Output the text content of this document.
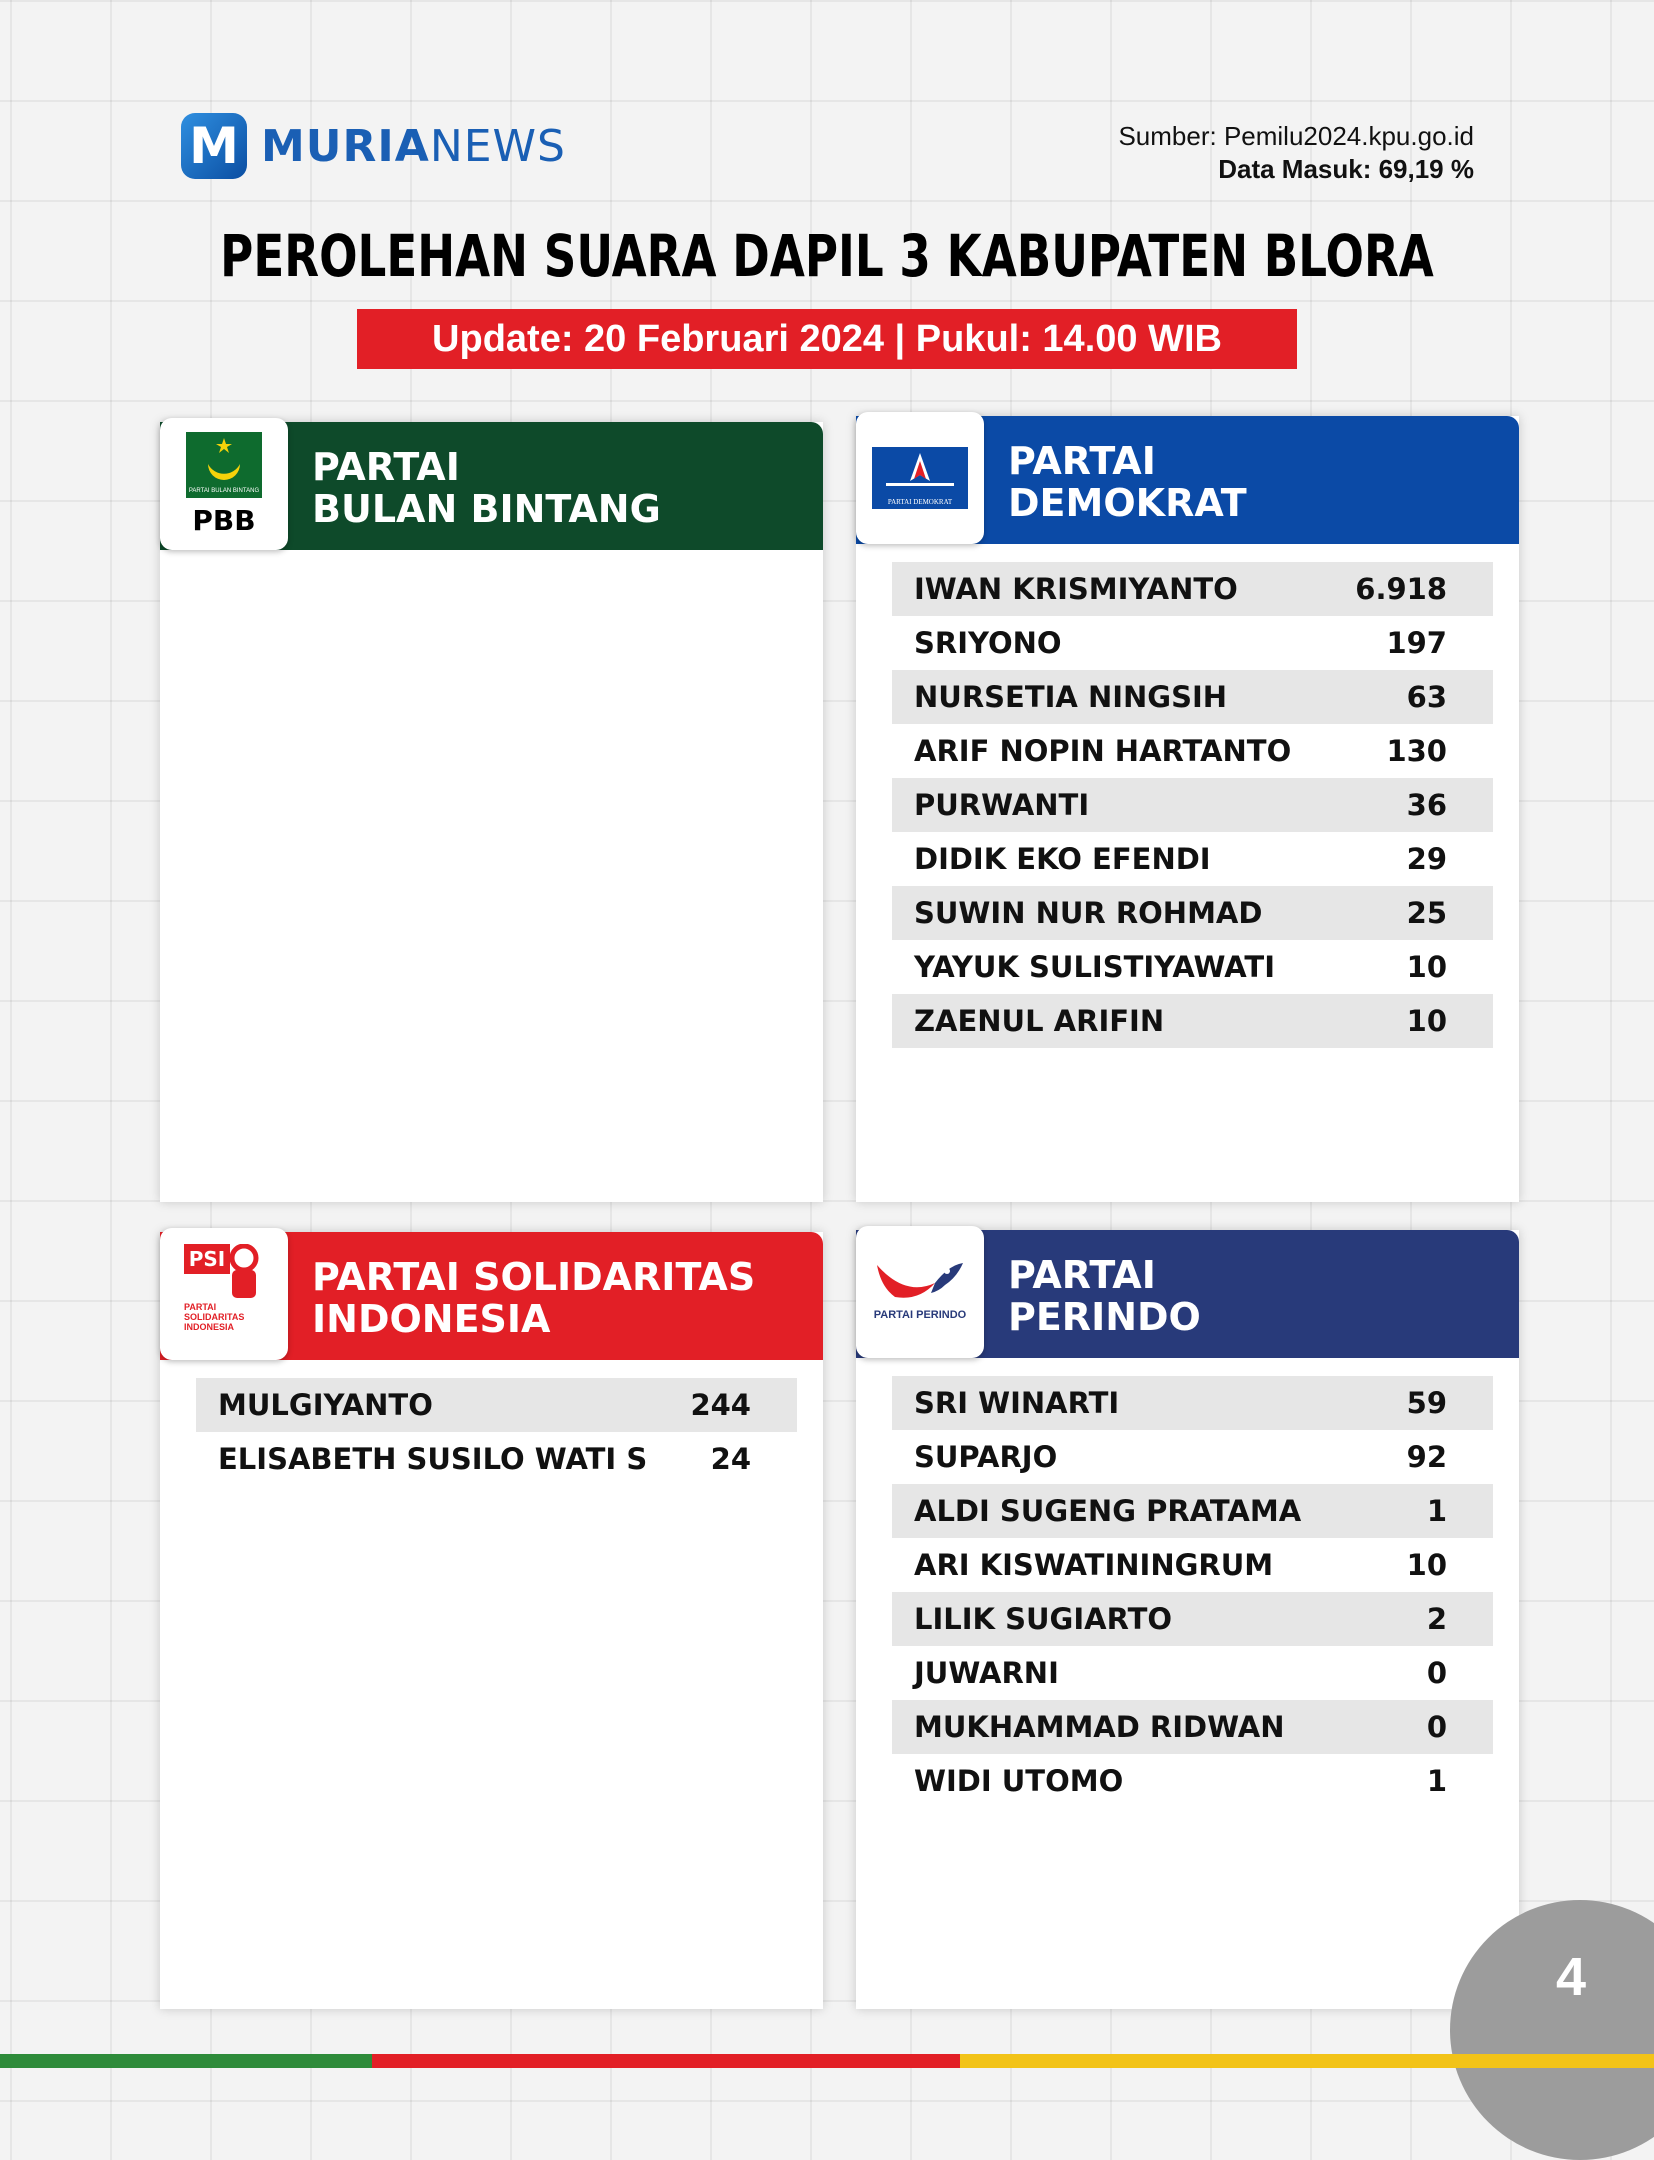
M MURIANEWS	Sumber: Pemilu2024.kpu.go.id
Data Masuk: 69,19 %
PEROLEHAN SUARA DAPIL 3 KABUPATEN BLORA
Update: 20 Februari 2024 | Pukul: 14.00 WIB
PARTAI
BULAN BINTANG
PARTAI BULAN BINTANG
PBB
PARTAI
DEMOKRAT
PARTAI DEMOKRAT
IWAN KRISMIYANTO	6.918
SRIYONO	197
NURSETIA NINGSIH	63
ARIF NOPIN HARTANTO	130
PURWANTI	36
DIDIK EKO EFENDI	29
SUWIN NUR ROHMAD	25
YAYUK SULISTIYAWATI	10
ZAENUL ARIFIN	10
PARTAI SOLIDARITAS
INDONESIA
PSI
PARTAI
SOLIDARITAS
INDONESIA
MULGIYANTO	244
ELISABETH SUSILO WATI S 24
PARTAI
PERINDO
PARTAI PERINDO
SRI WINARTI	59
SUPARJO	92
ALDI SUGENG PRATAMA	1
ARI KISWATININGRUM	10
LILIK SUGIARTO	2
JUWARNI	0
MUKHAMMAD RIDWAN	0
WIDI UTOMO	1
4
